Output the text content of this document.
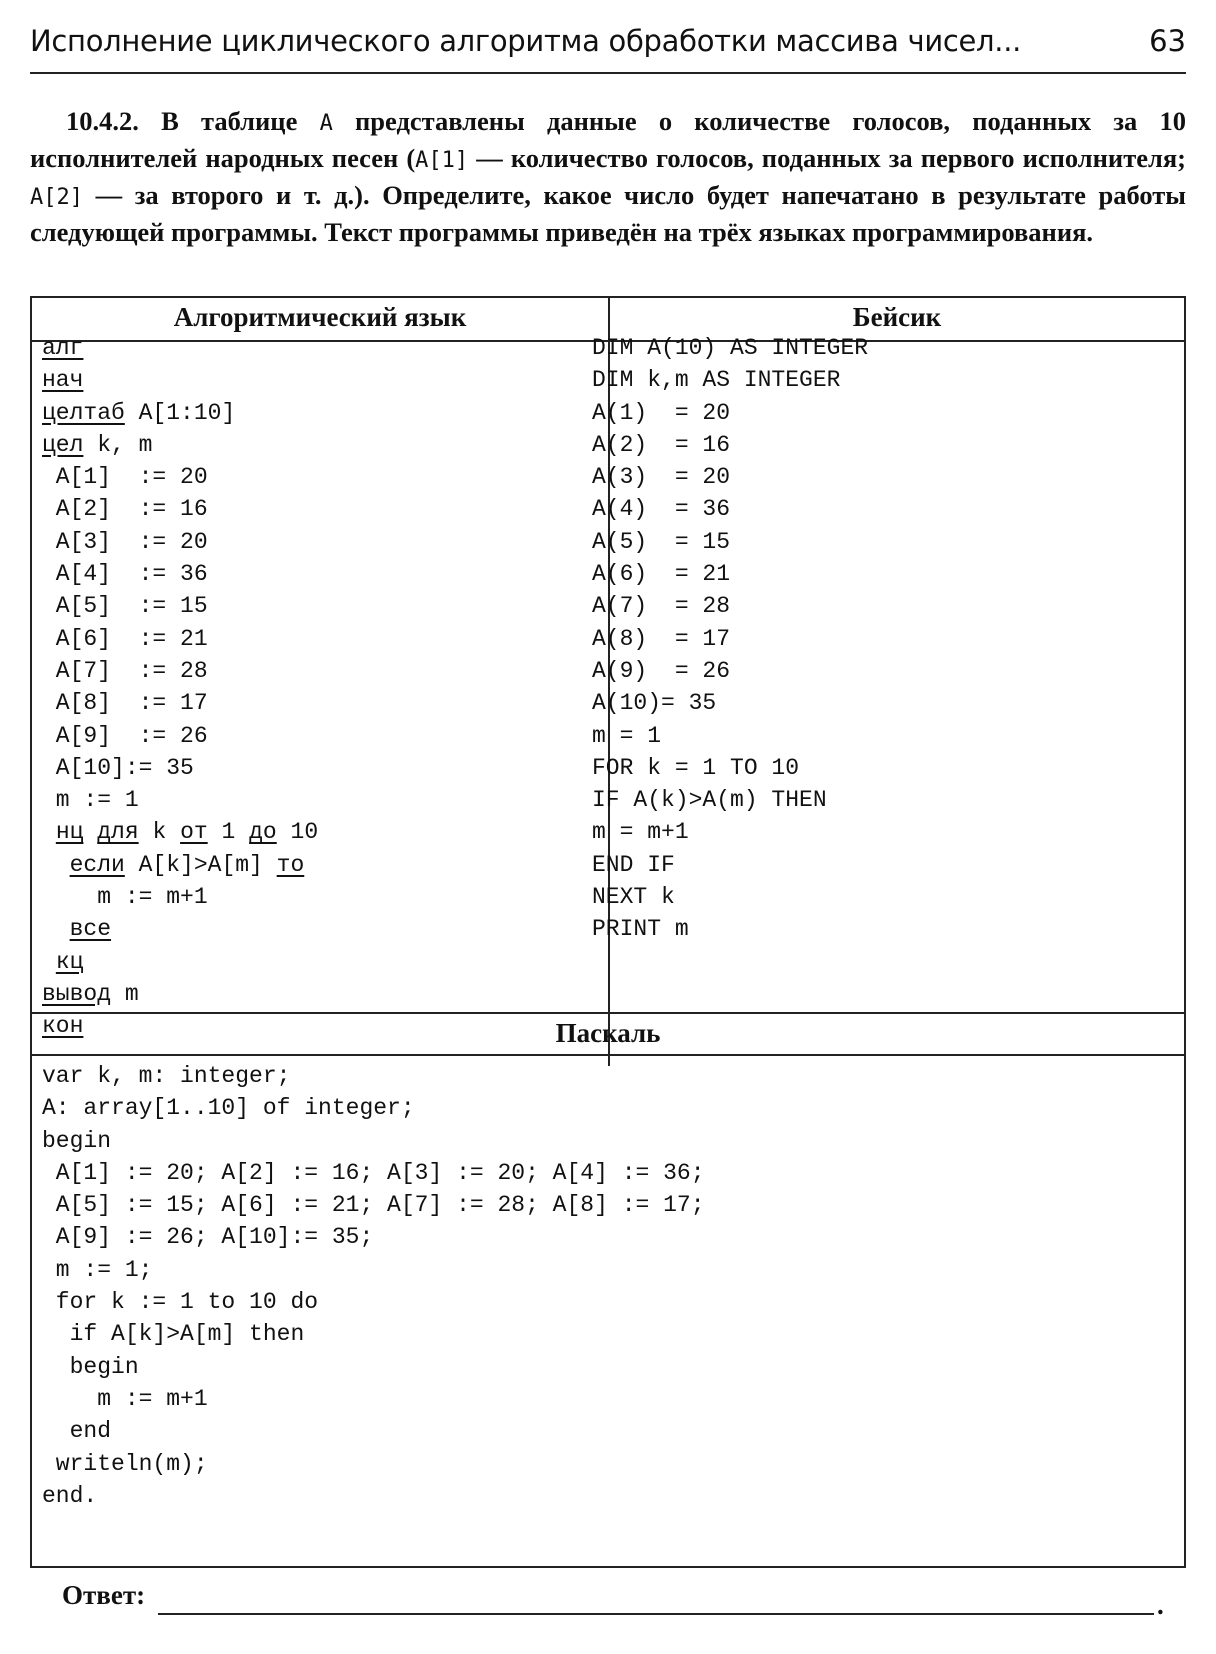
Исполнение циклического алгоритма обработки массива чисел...	63
10.4.2. В таблице A представлены данные о количестве голосов, поданных за 10 исполнителей народных песен (A[1] — количество голосов, поданных за первого исполнителя; A[2] — за второго и т. д.). Определите, какое число будет напечатано в результате работы следующей программы. Текст программы приведён на трёх языках программирования.
Алгоритмический язык	Бейсик
Паскаль
алг
нач
целтаб A[1:10]
цел k, m
A[1]  := 20
A[2]  := 16
A[3]  := 20
A[4]  := 36
A[5]  := 15
A[6]  := 21
A[7]  := 28
A[8]  := 17
A[9]  := 26
A[10]:= 35
m := 1
нц для k от 1 до 10
если A[k]>A[m] то
m := m+1
все
кц
вывод m
кон
DIM A(10) AS INTEGER
DIM k,m AS INTEGER
A(1)  = 20
A(2)  = 16
A(3)  = 20
A(4)  = 36
A(5)  = 15
A(6)  = 21
A(7)  = 28
A(8)  = 17
A(9)  = 26
A(10)= 35
m = 1
FOR k = 1 TO 10
IF A(k)>A(m) THEN
m = m+1
END IF
NEXT k
PRINT m
var k, m: integer;
A: array[1..10] of integer;
begin
A[1] := 20; A[2] := 16; A[3] := 20; A[4] := 36;
A[5] := 15; A[6] := 21; A[7] := 28; A[8] := 17;
A[9] := 26; A[10]:= 35;
m := 1;
for k := 1 to 10 do
if A[k]>A[m] then
begin
m := m+1
end
writeln(m);
end.
Ответ:	.
